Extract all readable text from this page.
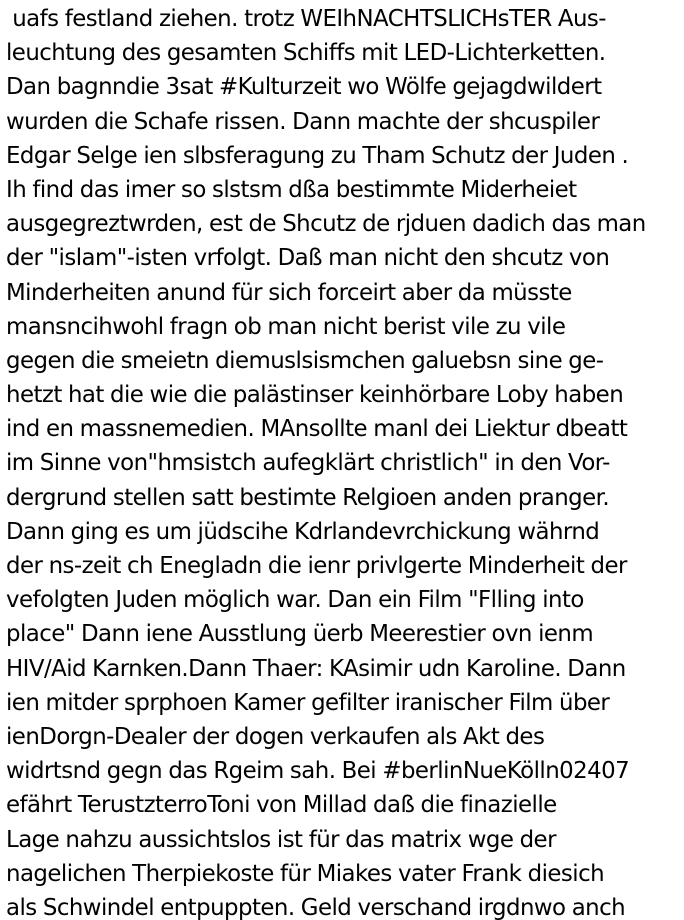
uafs festland ziehen. trotz WEIhNACHTSLICHsTER Aus-
leuchtung des gesamten Schiffs mit LED-Lichterketten.
Dan bagnndie 3sat #Kulturzeit wo Wölfe gejagdwildert
wurden die Schafe rissen. Dann machte der shcuspiler
Edgar Selge ien slbsferagung zu Tham Schutz der Juden .
Ih find das imer so slstsm dßa bestimmte Miderheiet
ausgegreztwrden, est de Shcutz de rjduen dadich das man
der "islam"-isten vrfolgt. Daß man nicht den shcutz von
Minderheiten anund für sich forceirt aber da müsste
mansncihwohl fragn ob man nicht berist vile zu vile
gegen die smeietn diemuslsismchen galuebsn sine ge-
hetzt hat die wie die palästinser keinhörbare Loby haben
ind en massnemedien. MAnsollte manl dei Liektur dbeatt
im Sinne von"hmsistch aufegklärt christlich" in den Vor-
dergrund stellen satt bestimte Relgioen anden pranger.
Dann ging es um jüdscihe Kdrlandevrchickung währnd
der ns-zeit ch Enegladn die ienr privlgerte Minderheit der
vefolgten Juden möglich war. Dan ein Film "Flling into
place" Dann iene Ausstlung üerb Meerestier ovn ienm
HIV/Aid Karnken.Dann Thaer: KAsimir udn Karoline. Dann
ien mitder sprphoen Kamer gefilter iranischer Film über
ienDorgn-Dealer der dogen verkaufen als Akt des
widrtsnd gegn das Rgeim sah. Bei #berlinNueKölln02407
efährt TerustzterroToni von Millad daß die finazielle
Lage nahzu aussichtslos ist für das matrix wge der
nagelichen Therpiekoste für Miakes vater Frank diesich
als Schwindel entpuppten. Geld verschand irgdnwo anch
